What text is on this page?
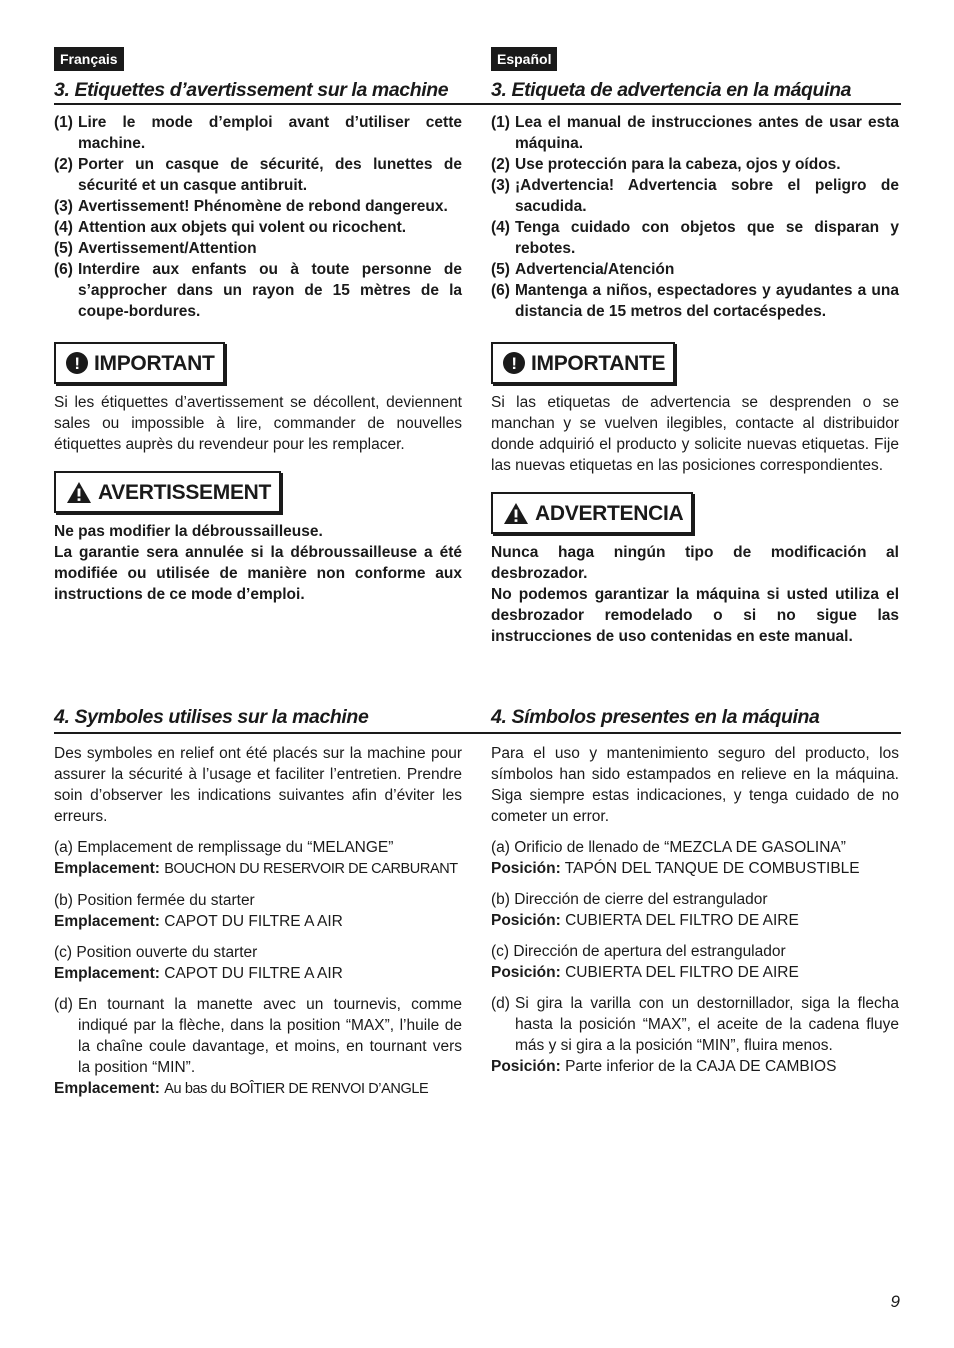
Français
3. Etiquettes d’avertissement sur la machine
(1) Lire le mode d’emploi avant d’utiliser cette machine.
(2) Porter un casque de sécurité, des lunettes de sécurité et un casque antibruit.
(3) Avertissement! Phénomène de rebond dangereux.
(4) Attention aux objets qui volent ou ricochent.
(5) Avertissement/Attention
(6) Interdire aux enfants ou à toute personne de s’approcher dans un rayon de 15 mètres de la coupe-bordures.
! IMPORTANT

Si les étiquettes d’avertissement se décollent, deviennent sales ou impossible à lire, commander de nouvelles étiquettes auprès du revendeur pour les remplacer.

AVERTISSEMENT

Ne pas modifier la débroussailleuse.

La garantie sera annulée si la débroussailleuse a été modifiée ou utilisée de manière non conforme aux instructions de ce mode d’emploi.

4. Symboles utilises sur la machine

Des symboles en relief ont été placés sur la machine pour assurer la sécurité à l’usage et faciliter l’entretien. Prendre soin d’observer les indications suivantes afin d’éviter les erreurs.

(a) Emplacement de remplissage du “MELANGE”
Emplacement: BOUCHON DU RESERVOIR DE CARBURANT
(b) Position fermée du starter
Emplacement: CAPOT DU FILTRE A AIR
(c) Position ouverte du starter
Emplacement: CAPOT DU FILTRE A AIR
(d) En tournant la manette avec un tournevis, comme indiqué par la flèche, dans la position “MAX”, l’huile de la chaîne coule davantage, et moins, en tournant vers la position “MIN”.
Emplacement: Au bas du BOÎTIER DE RENVOI D’ANGLE
Español
3. Etiqueta de advertencia en la máquina
(1) Lea el manual de instrucciones antes de usar esta máquina.
(2) Use protección para la cabeza, ojos y oídos.
(3) ¡Advertencia! Advertencia sobre el peligro de sacudida.
(4) Tenga cuidado con objetos que se disparan y rebotes.
(5) Advertencia/Atención
(6) Mantenga a niños, espectadores y ayudantes a una distancia de 15 metros del cortacéspedes.
! IMPORTANTE

Si las etiquetas de advertencia se desprenden o se manchan y se vuelven ilegibles, contacte al distribuidor donde adquirió el producto y solicite nuevas etiquetas. Fije las nuevas etiquetas en las posiciones correspondientes.

ADVERTENCIA

Nunca haga ningún tipo de modificación al desbrozador.

No podemos garantizar la máquina si usted utiliza el desbrozador remodelado o si no sigue las instrucciones de uso contenidas en este manual.

4. Símbolos presentes en la máquina

Para el uso y mantenimiento seguro del producto, los símbolos han sido estampados en relieve en la máquina. Siga siempre estas indicaciones, y tenga cuidado de no cometer un error.

(a) Orificio de llenado de “MEZCLA DE GASOLINA”
Posición: TAPÓN DEL TANQUE DE COMBUSTIBLE
(b) Dirección de cierre del estrangulador
Posición: CUBIERTA DEL FILTRO DE AIRE
(c) Dirección de apertura del estrangulador
Posición: CUBIERTA DEL FILTRO DE AIRE
(d) Si gira la varilla con un destornillador, siga la flecha hasta la posición “MAX”, el aceite de la cadena fluye más y si gira a la posición “MIN”, fluira menos.
Posición: Parte inferior de la CAJA DE CAMBIOS
9
